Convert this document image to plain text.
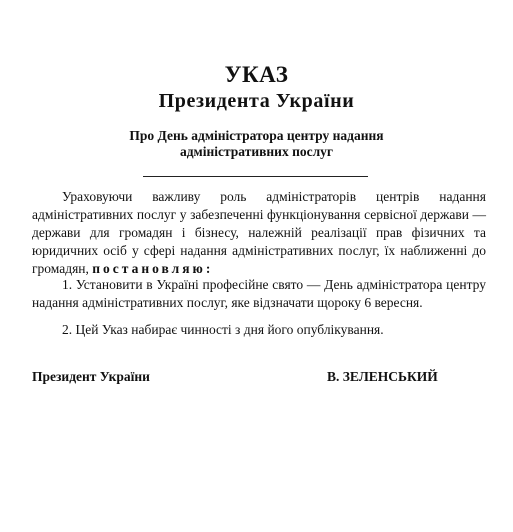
УКАЗ
Президента України
Про День адміністратора центру надання
адміністративних послуг
Ураховуючи важливу роль адміністраторів центрів надання адміністративних послуг у забезпеченні функціонування сервісної держави — держави для громадян і бізнесу, належній реалізації прав фізичних та юридичних осіб у сфері надання адміністративних послуг, їх наближенні до громадян, постановляю:
1. Установити в Україні професійне свято — День адміністратора центру надання адміністративних послуг, яке відзначати щороку 6 вересня.
2. Цей Указ набирає чинності з дня його опублікування.
Президент України	В. ЗЕЛЕНСЬКИЙ
